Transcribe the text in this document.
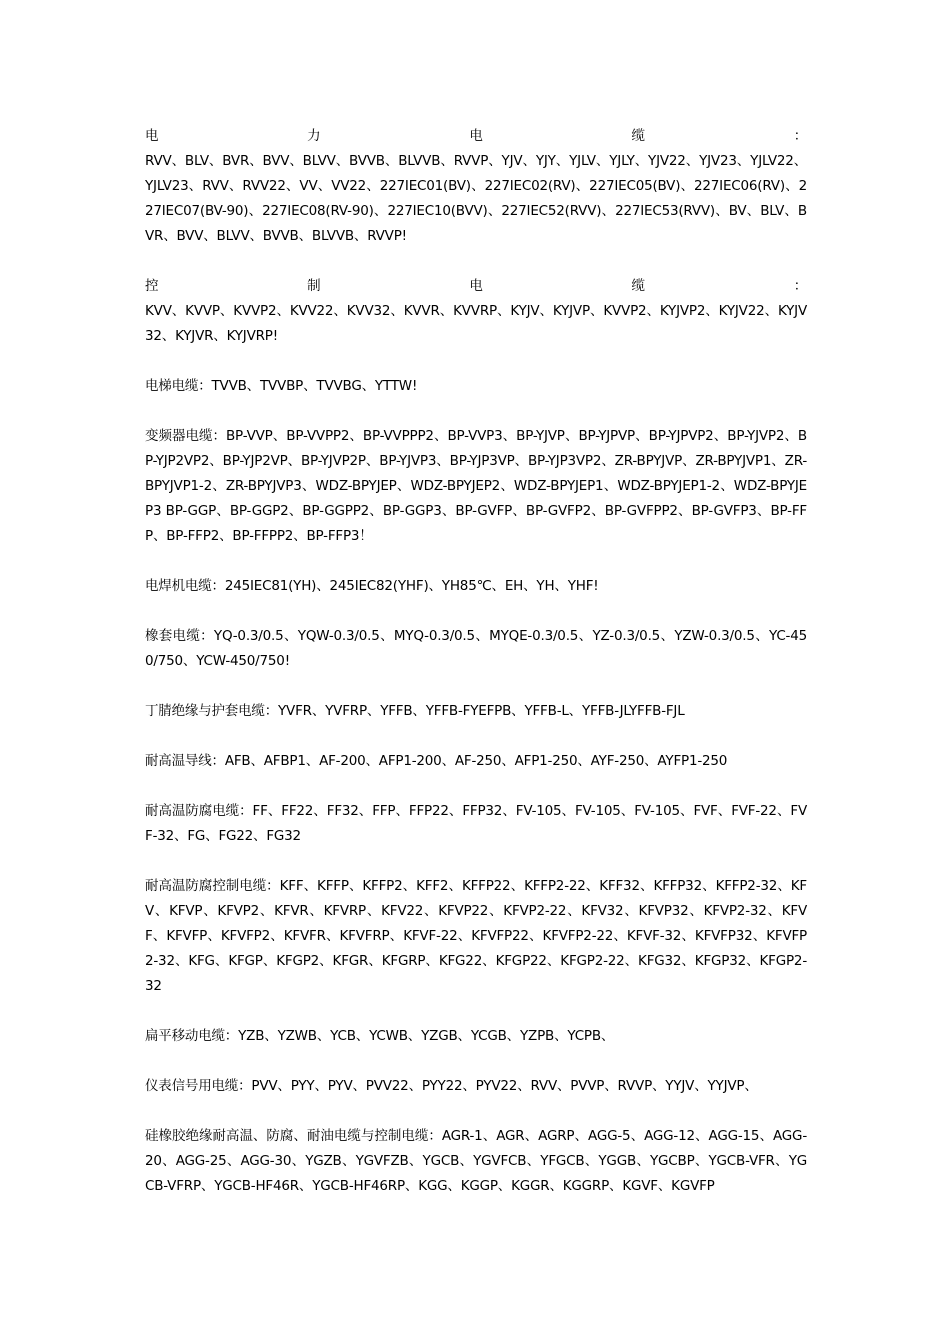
电	力	电	缆	：
RVV、BLV、BVR、BVV、BLVV、BVVB、BLVVB、RVVP、YJV、YJY、YJLV、YJLY、YJV22、YJV23、YJLV22、YJLV23、RVV、RVV22、VV、VV22、227IEC01(BV)、227IEC02(RV)、227IEC05(BV)、227IEC06(RV)、227IEC07(BV-90)、227IEC08(RV-90)、227IEC10(BVV)、227IEC52(RVV)、227IEC53(RVV)、BV、BLV、BVR、BVV、BLVV、BVVB、BLVVB、RVVP!

控	制	电	缆	：
KVV、KVVP、KVVP2、KVV22、KVV32、KVVR、KVVRP、KYJV、KYJVP、KVVP2、KYJVP2、KYJV22、KYJV32、KYJVR、KYJVRP!

电梯电缆：TVVB、TVVBP、TVVBG、YTTW!

变频器电缆：BP-VVP、BP-VVPP2、BP-VVPPP2、BP-VVP3、BP-YJVP、BP-YJPVP、BP-YJPVP2、BP-YJVP2、BP-YJP2VP2、BP-YJP2VP、BP-YJVP2P、BP-YJVP3、BP-YJP3VP、BP-YJP3VP2、ZR-BPYJVP、ZR-BPYJVP1、ZR-BPYJVP1-2、ZR-BPYJVP3、WDZ-BPYJEP、WDZ-BPYJEP2、WDZ-BPYJEP1、WDZ-BPYJEP1-2、WDZ-BPYJEP3 BP-GGP、BP-GGP2、BP-GGPP2、BP-GGP3、BP-GVFP、BP-GVFP2、BP-GVFPP2、BP-GVFP3、BP-FFP、BP-FFP2、BP-FFPP2、BP-FFP3！

电焊机电缆：245IEC81(YH)、245IEC82(YHF)、YH85℃、EH、YH、YHF!

橡套电缆：YQ-0.3/0.5、YQW-0.3/0.5、MYQ-0.3/0.5、MYQE-0.3/0.5、YZ-0.3/0.5、YZW-0.3/0.5、YC-450/750、YCW-450/750!

丁腈绝缘与护套电缆：YVFR、YVFRP、YFFB、YFFB-FYEFPB、YFFB-L、YFFB-JLYFFB-FJL

耐高温导线：AFB、AFBP1、AF-200、AFP1-200、AF-250、AFP1-250、AYF-250、AYFP1-250

耐高温防腐电缆：FF、FF22、FF32、FFP、FFP22、FFP32、FV-105、FV-105、FV-105、FVF、FVF-22、FVF-32、FG、FG22、FG32

耐高温防腐控制电缆：KFF、KFFP、KFFP2、KFF2、KFFP22、KFFP2-22、KFF32、KFFP32、KFFP2-32、KFV、KFVP、KFVP2、KFVR、KFVRP、KFV22、KFVP22、KFVP2-22、KFV32、KFVP32、KFVP2-32、KFVF、KFVFP、KFVFP2、KFVFR、KFVFRP、KFVF-22、KFVFP22、KFVFP2-22、KFVF-32、KFVFP32、KFVFP2-32、KFG、KFGP、KFGP2、KFGR、KFGRP、KFG22、KFGP22、KFGP2-22、KFG32、KFGP32、KFGP2-32

扁平移动电缆：YZB、YZWB、YCB、YCWB、YZGB、YCGB、YZPB、YCPB、

仪表信号用电缆：PVV、PYY、PYV、PVV22、PYY22、PYV22、RVV、PVVP、RVVP、YYJV、YYJVP、

硅橡胶绝缘耐高温、防腐、耐油电缆与控制电缆：AGR-1、AGR、AGRP、AGG-5、AGG-12、AGG-15、AGG-20、AGG-25、AGG-30、YGZB、YGVFZB、YGCB、YGVFCB、YFGCB、YGGB、YGCBP、YGCB-VFR、YGCB-VFRP、YGCB-HF46R、YGCB-HF46RP、KGG、KGGP、KGGR、KGGRP、KGVF、KGVFP
